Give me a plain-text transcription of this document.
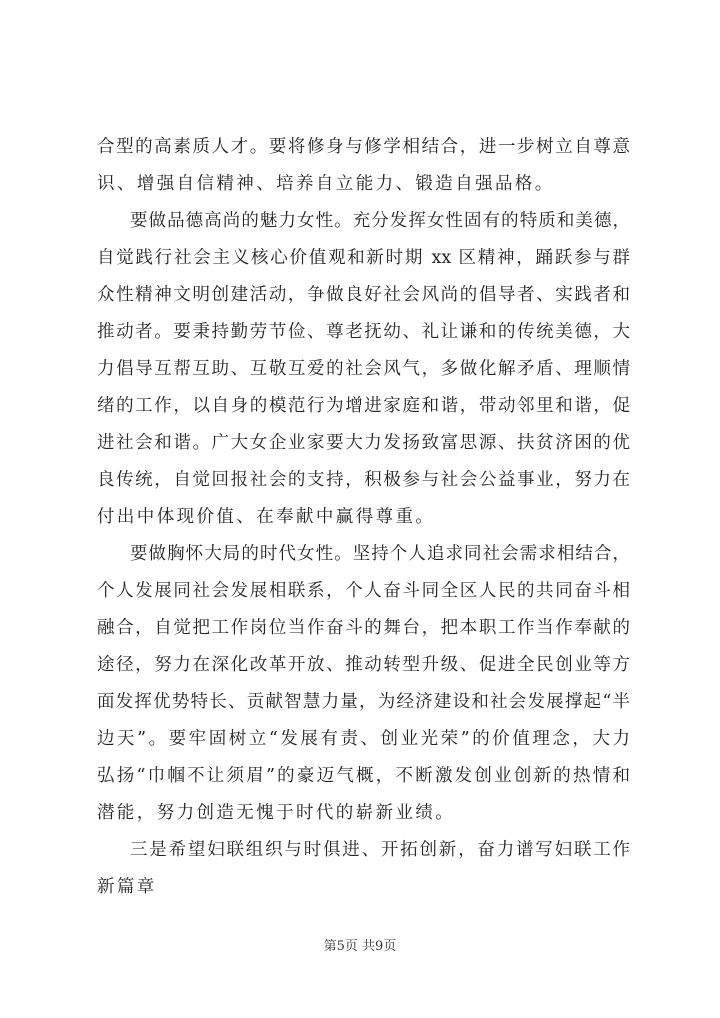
合型的高素质人才。要将修身与修学相结合，进一步树立自尊意
识、增强自信精神、培养自立能力、锻造自强品格。
要做品德高尚的魅力女性。充分发挥女性固有的特质和美德，
自觉践行社会主义核心价值观和新时期 xx 区精神，踊跃参与群
众性精神文明创建活动，争做良好社会风尚的倡导者、实践者和
推动者。要秉持勤劳节俭、尊老抚幼、礼让谦和的传统美德，大
力倡导互帮互助、互敬互爱的社会风气，多做化解矛盾、理顺情
绪的工作，以自身的模范行为增进家庭和谐，带动邻里和谐，促
进社会和谐。广大女企业家要大力发扬致富思源、扶贫济困的优
良传统，自觉回报社会的支持，积极参与社会公益事业，努力在
付出中体现价值、在奉献中赢得尊重。
要做胸怀大局的时代女性。坚持个人追求同社会需求相结合，
个人发展同社会发展相联系，个人奋斗同全区人民的共同奋斗相
融合，自觉把工作岗位当作奋斗的舞台，把本职工作当作奉献的
途径，努力在深化改革开放、推动转型升级、促进全民创业等方
面发挥优势特长、贡献智慧力量，为经济建设和社会发展撑起“半
边天”。要牢固树立“发展有责、创业光荣”的价值理念，大力
弘扬“巾帼不让须眉”的豪迈气概，不断激发创业创新的热情和
潜能，努力创造无愧于时代的崭新业绩。
三是希望妇联组织与时俱进、开拓创新，奋力谱写妇联工作
新篇章
第5页 共9页
